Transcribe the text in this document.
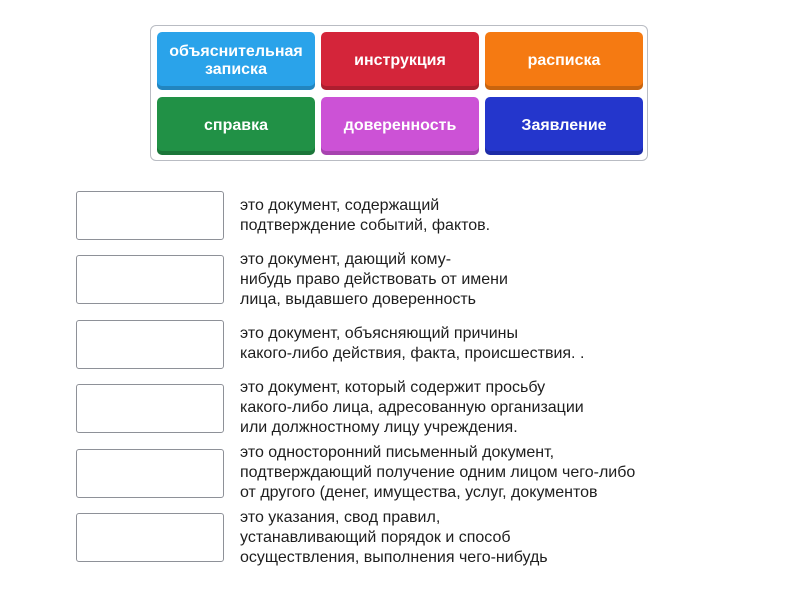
объяснительная
записка
инструкция	расписка
справка	доверенность	Заявление
это документ, содержащий
подтверждение событий, фактов.
это документ, дающий кому-
нибудь право действовать от имени
лица, выдавшего доверенность
это документ, объясняющий причины
какого-либо действия, факта, происшествия. .
это документ, который содержит просьбу
какого-либо лица, адресованную организации
или должностному лицу учреждения.
это односторонний письменный документ,
подтверждающий получение одним лицом чего-либо
от другого (денег, имущества, услуг, документов
это указания, свод правил,
устанавливающий порядок и способ
осуществления, выполнения чего-нибудь
